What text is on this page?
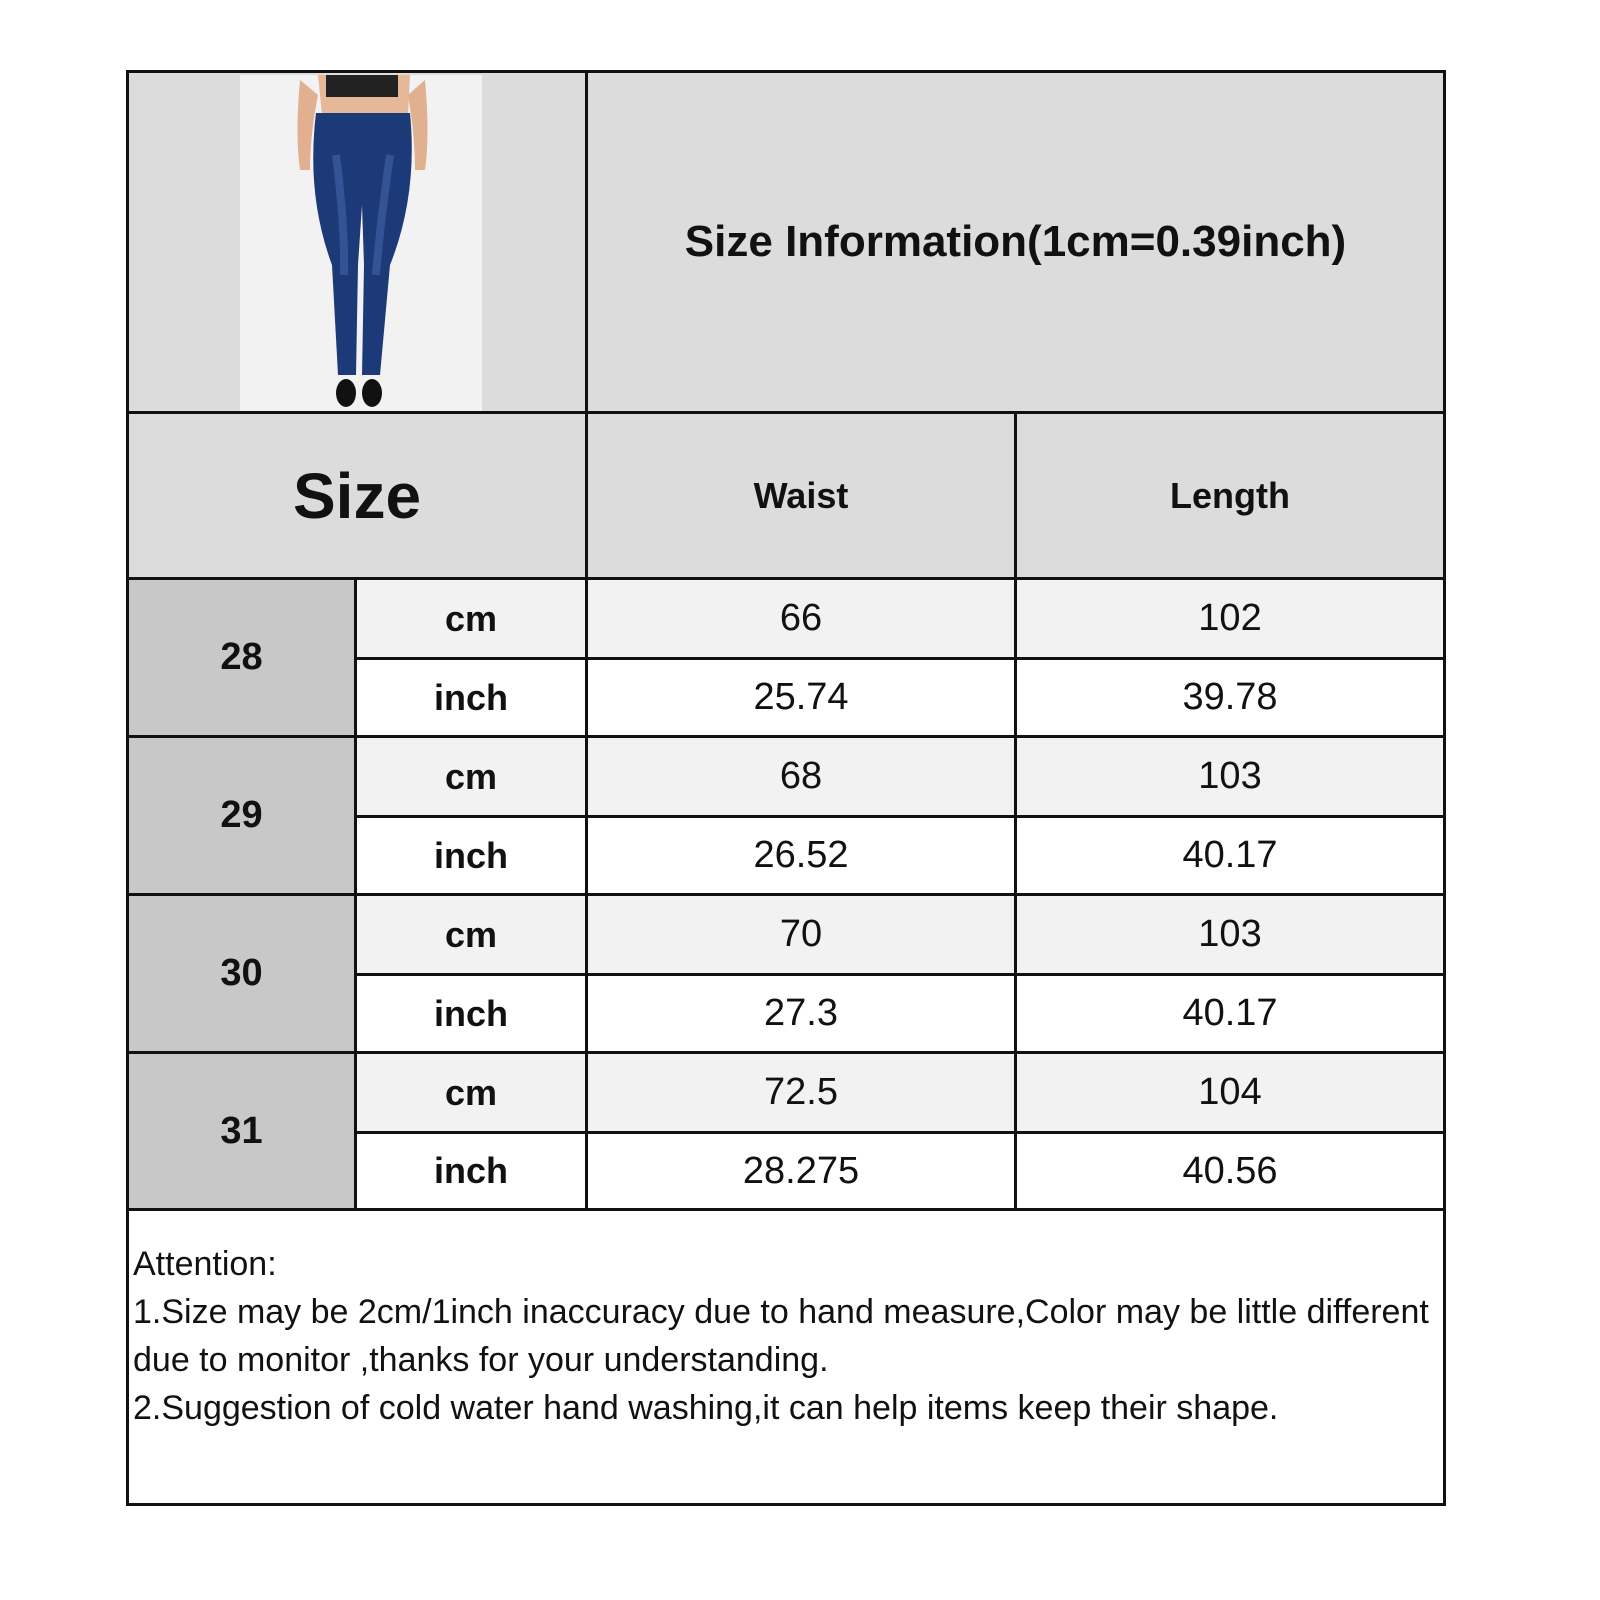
Size Information(1cm=0.39inch)
Size	Waist	Length
28
cm	66	102
inch	25.74	39.78
29
cm	68	103
inch	26.52	40.17
30
cm	70	103
inch	27.3	40.17
31
cm	72.5	104
inch	28.275	40.56
Attention:
1.Size may be 2cm/1inch inaccuracy due to hand measure,Color may be little different due to monitor ,thanks for your understanding.
2.Suggestion of cold water hand washing,it can help items keep their shape.
